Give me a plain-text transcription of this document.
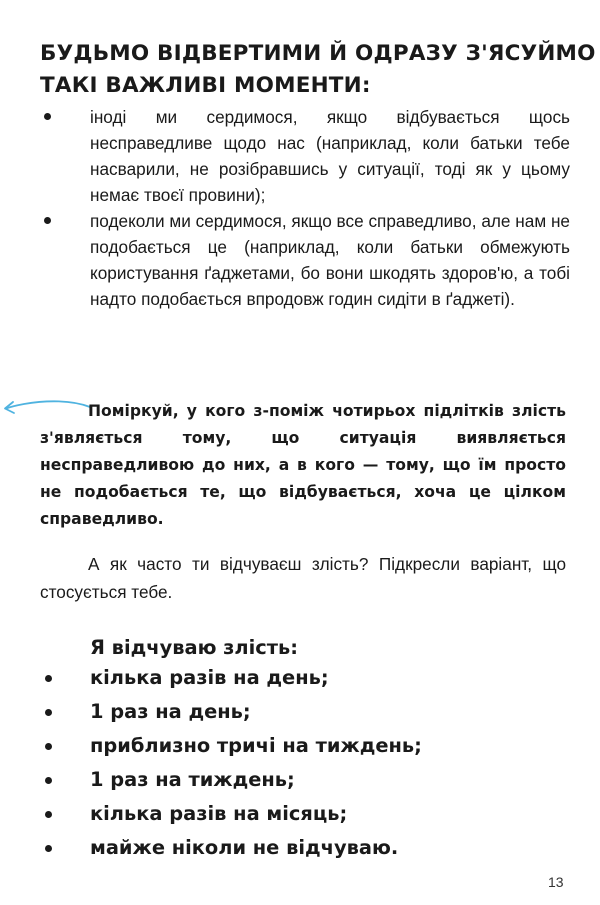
БУДЬМО ВІДВЕРТИМИ Й ОДРАЗУ З'ЯСУЙМО
ТАКІ ВАЖЛИВІ МОМЕНТИ:
іноді ми сердимося, якщо відбувається щось несправедливе щодо нас (наприклад, коли батьки тебе насварили, не розібравшись у ситуації, тоді як у цьому немає твоєї провини);
подеколи ми сердимося, якщо все справедливо, але нам не подобається це (наприклад, коли батьки обмежують користування ґаджетами, бо вони шкодять здоров'ю, а тобі надто подобається впродовж годин сидіти в ґаджеті).

Поміркуй, у кого з-поміж чотирьох підлітків злість з'являється тому, що ситуація виявляється несправедливою до них, а в кого — тому, що їм просто не подобається те, що відбувається, хоча це цілком справедливо.

А як часто ти відчуваєш злість? Підкресли варіант, що стосується тебе.

Я відчуваю злість:

кілька разів на день;
1 раз на день;
приблизно тричі на тиждень;
1 раз на тиждень;
кілька разів на місяць;
майже ніколи не відчуваю.
13
